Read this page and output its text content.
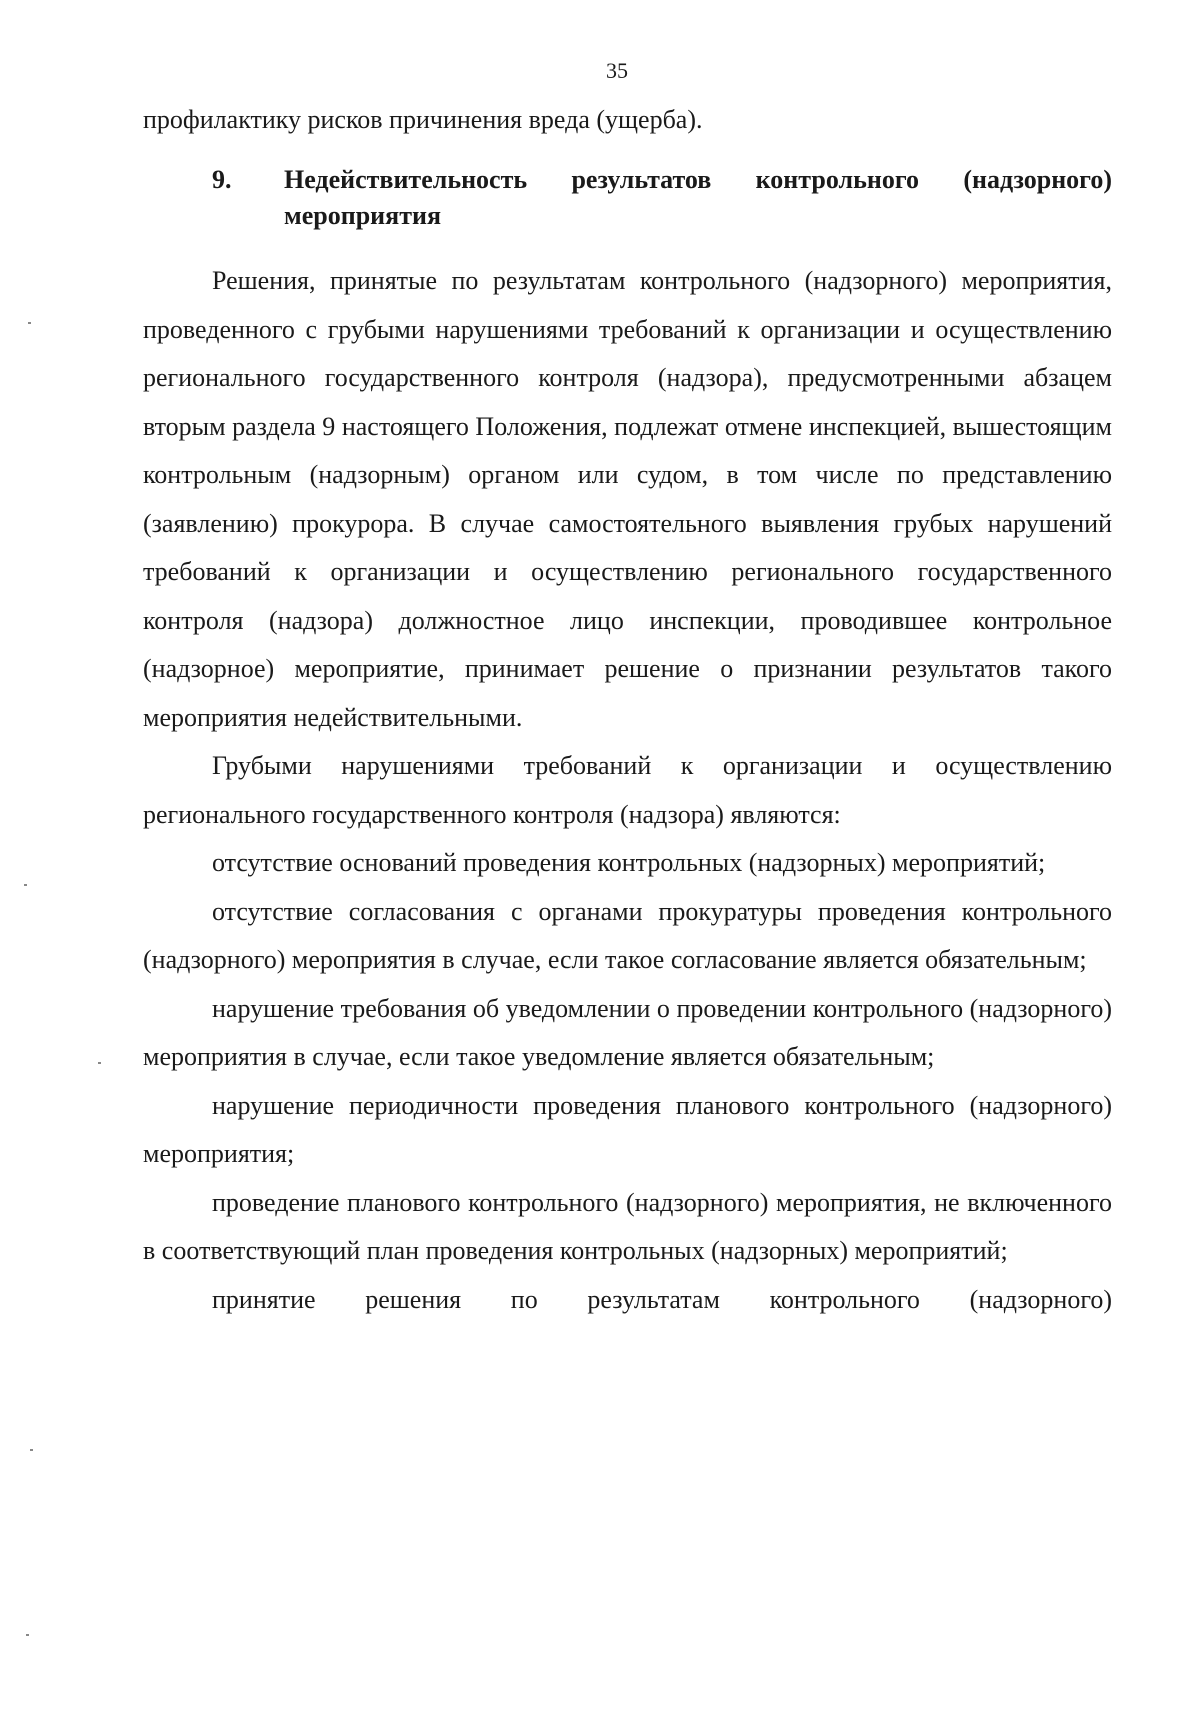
35
профилактику рисков причинения вреда (ущерба).
9. Недействительность результатов контрольного (надзорного) мероприятия

Решения, принятые по результатам контрольного (надзорного) мероприятия, проведенного с грубыми нарушениями требований к организации и осуществлению регионального государственного контроля (надзора), предусмотренными абзацем вторым раздела 9 настоящего Положения, подлежат отмене инспекцией, вышестоящим контрольным (надзорным) органом или судом, в том числе по представлению (заявлению) прокурора. В случае самостоятельного выявления грубых нарушений требований к организации и осуществлению регионального государственного контроля (надзора) должностное лицо инспекции, проводившее контрольное (надзорное) мероприятие, принимает решение о признании результатов такого мероприятия недействительными.

Грубыми нарушениями требований к организации и осуществлению регионального государственного контроля (надзора) являются:

отсутствие оснований проведения контрольных (надзорных) мероприятий;

отсутствие согласования с органами прокуратуры проведения контрольного (надзорного) мероприятия в случае, если такое согласование является обязательным;

нарушение требования об уведомлении о проведении контрольного (надзорного) мероприятия в случае, если такое уведомление является обязательным;

нарушение периодичности проведения планового контрольного (надзорного) мероприятия;

проведение планового контрольного (надзорного) мероприятия, не включенного в соответствующий план проведения контрольных (надзорных) мероприятий;

принятие решения по результатам контрольного (надзорного)
